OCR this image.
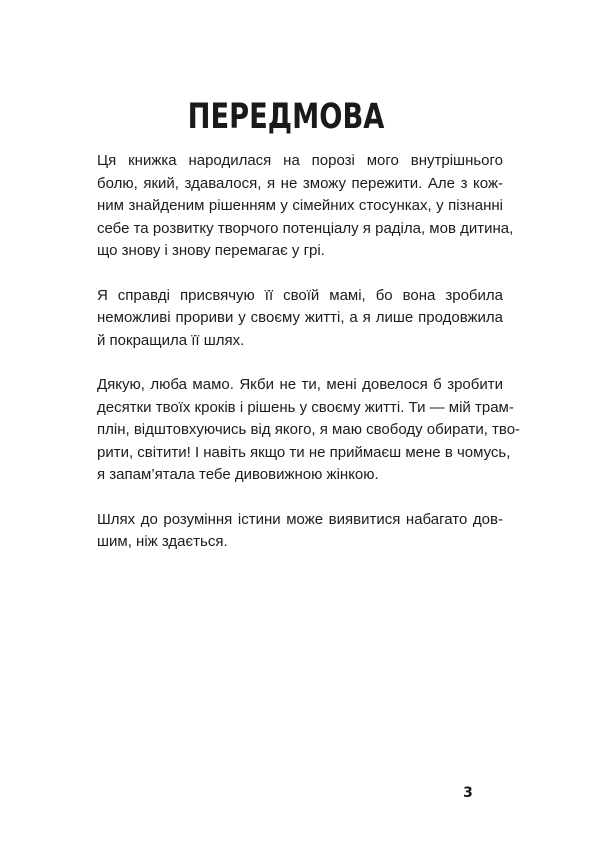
ПЕРЕДМОВА

Ця книжка народилася на порозі мого внутрішнього
болю, який, здавалося, я не зможу пережити. Але з кож-
ним знайденим рішенням у сімейних стосунках, у пізнанні
себе та розвитку творчого потенціалу я раділа, мов дитина,
що знову і знову перемагає у грі.

Я справді присвячую її своїй мамі, бо вона зробила
неможливі прориви у своєму житті, а я лише продовжила
й покращила її шлях.

Дякую, люба мамо. Якби не ти, мені довелося б зробити
десятки твоїх кроків і рішень у своєму житті. Ти — мій трам-
плін, відштовхуючись від якого, я маю свободу обирати, тво-
рити, світити! І навіть якщо ти не приймаєш мене в чомусь,
я запам’ятала тебе дивовижною жінкою.

Шлях до розуміння істини може виявитися набагато дов-
шим, ніж здається.

3
